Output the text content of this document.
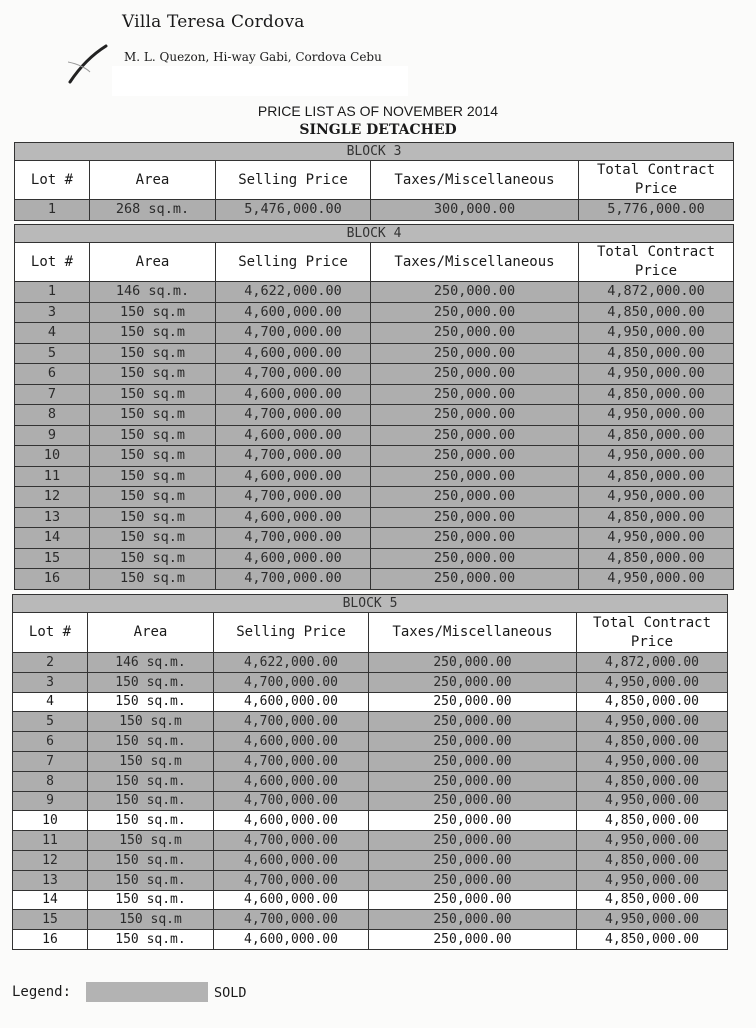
Villa Teresa Cordova
M. L. Quezon, Hi-way Gabi, Cordova Cebu
PRICE LIST AS OF NOVEMBER 2014
SINGLE DETACHED
BLOCK 3				
Lot #	Area	Selling Price	Taxes/Miscellaneous	Total Contract Price
1	268 sq.m.	5,476,000.00	300,000.00	5,776,000.00
BLOCK 4				
Lot #	Area	Selling Price	Taxes/Miscellaneous	Total Contract Price
1	146 sq.m.	4,622,000.00	250,000.00	4,872,000.00
3	150 sq.m	4,600,000.00	250,000.00	4,850,000.00
4	150 sq.m	4,700,000.00	250,000.00	4,950,000.00
5	150 sq.m	4,600,000.00	250,000.00	4,850,000.00
6	150 sq.m	4,700,000.00	250,000.00	4,950,000.00
7	150 sq.m	4,600,000.00	250,000.00	4,850,000.00
8	150 sq.m	4,700,000.00	250,000.00	4,950,000.00
9	150 sq.m	4,600,000.00	250,000.00	4,850,000.00
10	150 sq.m	4,700,000.00	250,000.00	4,950,000.00
11	150 sq.m	4,600,000.00	250,000.00	4,850,000.00
12	150 sq.m	4,700,000.00	250,000.00	4,950,000.00
13	150 sq.m	4,600,000.00	250,000.00	4,850,000.00
14	150 sq.m	4,700,000.00	250,000.00	4,950,000.00
15	150 sq.m	4,600,000.00	250,000.00	4,850,000.00
16	150 sq.m	4,700,000.00	250,000.00	4,950,000.00
BLOCK 5				
Lot #	Area	Selling Price	Taxes/Miscellaneous	Total Contract Price
2	146 sq.m.	4,622,000.00	250,000.00	4,872,000.00
3	150 sq.m.	4,700,000.00	250,000.00	4,950,000.00
4	150 sq.m.	4,600,000.00	250,000.00	4,850,000.00
5	150 sq.m	4,700,000.00	250,000.00	4,950,000.00
6	150 sq.m.	4,600,000.00	250,000.00	4,850,000.00
7	150 sq.m	4,700,000.00	250,000.00	4,950,000.00
8	150 sq.m.	4,600,000.00	250,000.00	4,850,000.00
9	150 sq.m.	4,700,000.00	250,000.00	4,950,000.00
10	150 sq.m.	4,600,000.00	250,000.00	4,850,000.00
11	150 sq.m	4,700,000.00	250,000.00	4,950,000.00
12	150 sq.m.	4,600,000.00	250,000.00	4,850,000.00
13	150 sq.m.	4,700,000.00	250,000.00	4,950,000.00
14	150 sq.m.	4,600,000.00	250,000.00	4,850,000.00
15	150 sq.m	4,700,000.00	250,000.00	4,950,000.00
16	150 sq.m.	4,600,000.00	250,000.00	4,850,000.00
Legend:	SOLD
